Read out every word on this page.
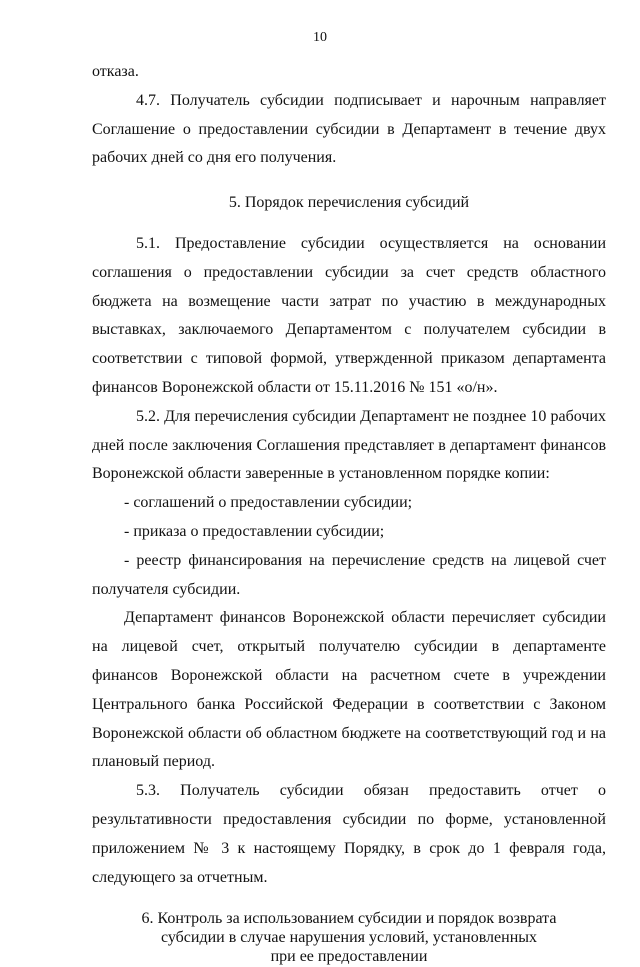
10

отказа.

4.7. Получатель субсидии подписывает и нарочным направляет Соглашение о предоставлении субсидии в Департамент в течение двух рабочих дней со дня его получения.

5. Порядок перечисления субсидий

5.1. Предоставление субсидии осуществляется на основании соглашения о предоставлении субсидии за счет средств областного бюджета на возмещение части затрат по участию в международных выставках, заключаемого Департаментом с получателем субсидии в соответствии с типовой формой, утвержденной приказом департамента финансов Воронежской области от 15.11.2016 № 151 «о/н».

5.2. Для перечисления субсидии Департамент не позднее 10 рабочих дней после заключения Соглашения представляет в департамент финансов Воронежской области заверенные в установленном порядке копии:

- соглашений о предоставлении субсидии;

- приказа о предоставлении субсидии;

- реестр финансирования на перечисление средств на лицевой счет получателя субсидии.

Департамент финансов Воронежской области перечисляет субсидии на лицевой счет, открытый получателю субсидии в департаменте финансов Воронежской области на расчетном счете в учреждении Центрального банка Российской Федерации в соответствии с Законом Воронежской области об областном бюджете на соответствующий год и на плановый период.

5.3. Получатель субсидии обязан предоставить отчет о результативности предоставления субсидии по форме, установленной приложением № 3 к настоящему Порядку, в срок до 1 февраля года, следующего за отчетным.

6. Контроль за использованием субсидии и порядок возврата

субсидии в случае нарушения условий, установленных

при ее предоставлении
